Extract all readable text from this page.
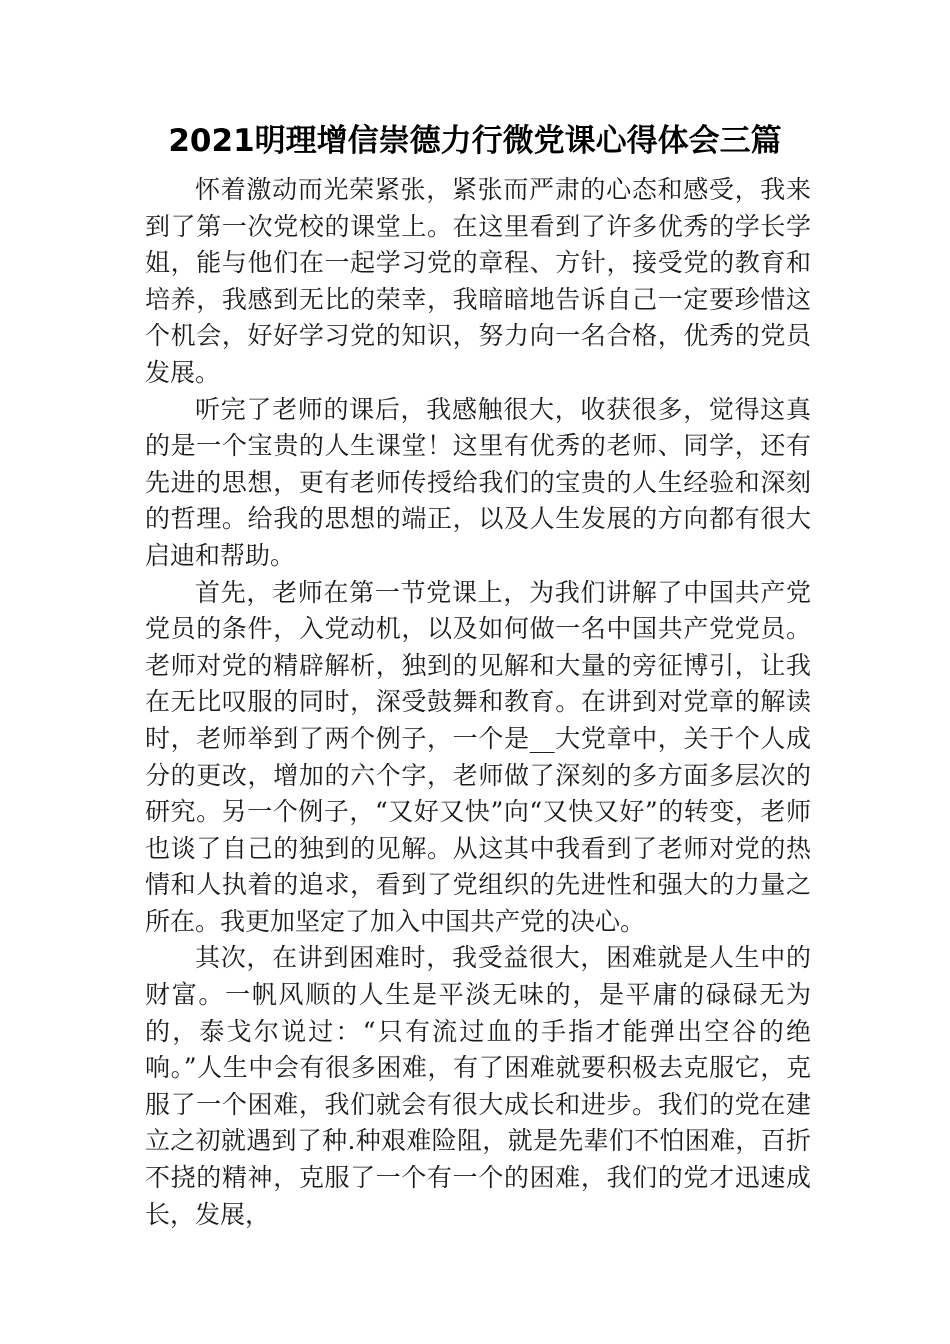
2021明理增信崇德力行微党课心得体会三篇

怀着激动而光荣紧张，紧张而严肃的心态和感受，我来到了第一次党校的课堂上。在这里看到了许多优秀的学长学姐，能与他们在一起学习党的章程、方针，接受党的教育和培养，我感到无比的荣幸，我暗暗地告诉自己一定要珍惜这个机会，好好学习党的知识，努力向一名合格，优秀的党员发展。

听完了老师的课后，我感触很大，收获很多，觉得这真的是一个宝贵的人生课堂！这里有优秀的老师、同学，还有先进的思想，更有老师传授给我们的宝贵的人生经验和深刻的哲理。给我的思想的端正，以及人生发展的方向都有很大启迪和帮助。

首先，老师在第一节党课上，为我们讲解了中国共产党党员的条件，入党动机，以及如何做一名中国共产党党员。老师对党的精辟解析，独到的见解和大量的旁征博引，让我在无比叹服的同时，深受鼓舞和教育。在讲到对党章的解读时，老师举到了两个例子，一个是__大党章中，关于个人成分的更改，增加的六个字，老师做了深刻的多方面多层次的研究。另一个例子，“又好又快”向“又快又好”的转变，老师也谈了自己的独到的见解。从这其中我看到了老师对党的热情和人执着的追求，看到了党组织的先进性和强大的力量之所在。我更加坚定了加入中国共产党的决心。

其次，在讲到困难时，我受益很大，困难就是人生中的财富。一帆风顺的人生是平淡无味的，是平庸的碌碌无为的，泰戈尔说过：“只有流过血的手指才能弹出空谷的绝响。”人生中会有很多困难，有了困难就要积极去克服它，克服了一个困难，我们就会有很大成长和进步。我们的党在建立之初就遇到了种.种艰难险阻，就是先辈们不怕困难，百折不挠的精神，克服了一个有一个的困难，我们的党才迅速成长，发展，
